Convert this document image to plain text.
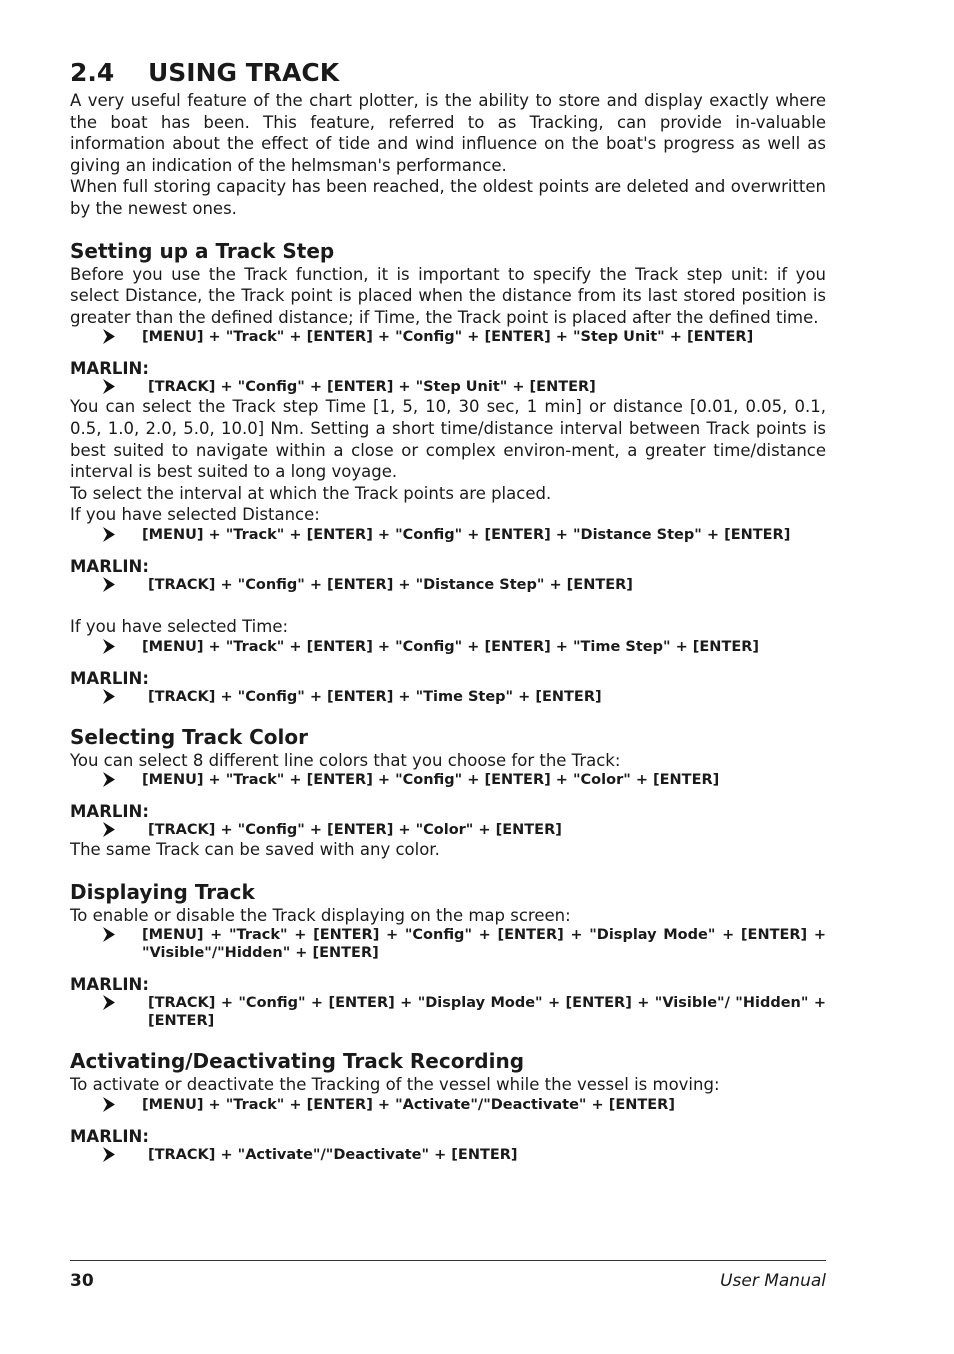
2.4 USING TRACK

A very useful feature of the chart plotter, is the ability to store and display exactly where the boat has been. This feature, referred to as Tracking, can provide in-valuable information about the effect of tide and wind influence on the boat's progress as well as giving an indication of the helmsman's performance.

When full storing capacity has been reached, the oldest points are deleted and overwritten by the newest ones.

Setting up a Track Step

Before you use the Track function, it is important to specify the Track step unit: if you select Distance, the Track point is placed when the distance from its last stored position is greater than the defined distance; if Time, the Track point is placed after the defined time.

[MENU] + "Track" + [ENTER] + "Config" + [ENTER] + "Step Unit" + [ENTER]
MARLIN:
[TRACK] + "Config" + [ENTER] + "Step Unit" + [ENTER]

You can select the Track step Time [1, 5, 10, 30 sec, 1 min] or distance [0.01, 0.05, 0.1, 0.5, 1.0, 2.0, 5.0, 10.0] Nm. Setting a short time/distance interval between Track points is best suited to navigate within a close or complex environ-ment, a greater time/distance interval is best suited to a long voyage.

To select the interval at which the Track points are placed.

If you have selected Distance:

[MENU] + "Track" + [ENTER] + "Config" + [ENTER] + "Distance Step" + [ENTER]
MARLIN:
[TRACK] + "Config" + [ENTER] + "Distance Step" + [ENTER]

If you have selected Time:

[MENU] + "Track" + [ENTER] + "Config" + [ENTER] + "Time Step" + [ENTER]
MARLIN:
[TRACK] + "Config" + [ENTER] + "Time Step" + [ENTER]
Selecting Track Color

You can select 8 different line colors that you choose for the Track:

[MENU] + "Track" + [ENTER] + "Config" + [ENTER] + "Color" + [ENTER]
MARLIN:
[TRACK] + "Config" + [ENTER] + "Color" + [ENTER]

The same Track can be saved with any color.

Displaying Track

To enable or disable the Track displaying on the map screen:

[MENU] + "Track" + [ENTER] + "Config" + [ENTER] + "Display Mode" + [ENTER] + "Visible"/"Hidden" + [ENTER]
MARLIN:
[TRACK] + "Config" + [ENTER] + "Display Mode" + [ENTER] + "Visible"/ "Hidden" + [ENTER]
Activating/Deactivating Track Recording

To activate or deactivate the Tracking of the vessel while the vessel is moving:

[MENU] + "Track" + [ENTER] + "Activate"/"Deactivate" + [ENTER]
MARLIN:
[TRACK] + "Activate"/"Deactivate" + [ENTER]
30	User Manual
